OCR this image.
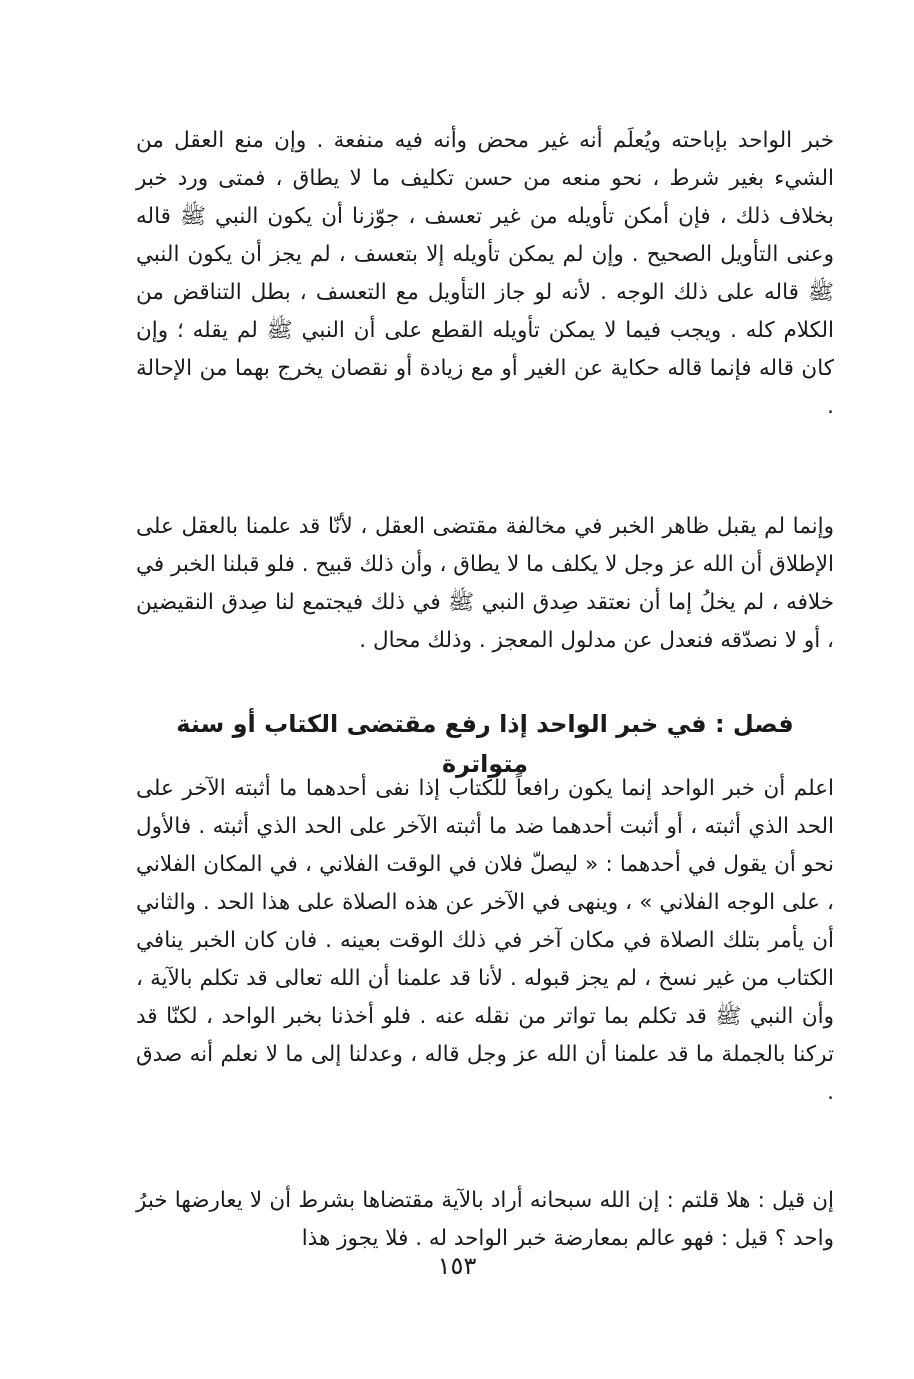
خبر الواحد بإباحته ويُعلَم أنه غير محض وأنه فيه منفعة . وإن منع العقل من الشيء بغير شرط ، نحو منعه من حسن تكليف ما لا يطاق ، فمتى ورد خبر بخلاف ذلك ، فإن أمكن تأويله من غير تعسف ، جوّزنا أن يكون النبي ﷺ قاله وعنى التأويل الصحيح . وإن لم يمكن تأويله إلا بتعسف ، لم يجز أن يكون النبي ﷺ قاله على ذلك الوجه . لأنه لو جاز التأويل مع التعسف ، بطل التناقض من الكلام كله . ويجب فيما لا يمكن تأويله القطع على أن النبي ﷺ لم يقله ؛ وإن كان قاله فإنما قاله حكاية عن الغير أو مع زيادة أو نقصان يخرج بهما من الإحالة .

وإنما لم يقبل ظاهر الخبر في مخالفة مقتضى العقل ، لأنّا قد علمنا بالعقل على الإطلاق أن الله عز وجل لا يكلف ما لا يطاق ، وأن ذلك قبيح . فلو قبلنا الخبر في خلافه ، لم يخلُ إما أن نعتقد صِدق النبي ﷺ في ذلك فيجتمع لنا صِدق النقيضين ، أو لا نصدّقه فنعدل عن مدلول المعجز . وذلك محال .

فصل : في خبر الواحد إذا رفع مقتضى الكتاب أو سنة متواترة

اعلم أن خبر الواحد إنما يكون رافعاً للكتاب إذا نفى أحدهما ما أثبته الآخر على الحد الذي أثبته ، أو أثبت أحدهما ضد ما أثبته الآخر على الحد الذي أثبته . فالأول نحو أن يقول في أحدهما : « ليصلّ فلان في الوقت الفلاني ، في المكان الفلاني ، على الوجه الفلاني » ، وينهى في الآخر عن هذه الصلاة على هذا الحد . والثاني أن يأمر بتلك الصلاة في مكان آخر في ذلك الوقت بعينه . فان كان الخبر ينافي الكتاب من غير نسخ ، لم يجز قبوله . لأنا قد علمنا أن الله تعالى قد تكلم بالآية ، وأن النبي ﷺ قد تكلم بما تواتر من نقله عنه . فلو أخذنا بخبر الواحد ، لكنّا قد تركنا بالجملة ما قد علمنا أن الله عز وجل قاله ، وعدلنا إلى ما لا نعلم أنه صدق .

إن قيل : هلا قلتم : إن الله سبحانه أراد بالآية مقتضاها بشرط أن لا يعارضها خبرُ واحد ؟ قيل : فهو عالم بمعارضة خبر الواحد له . فلا يجوز هذا

١٥٣
